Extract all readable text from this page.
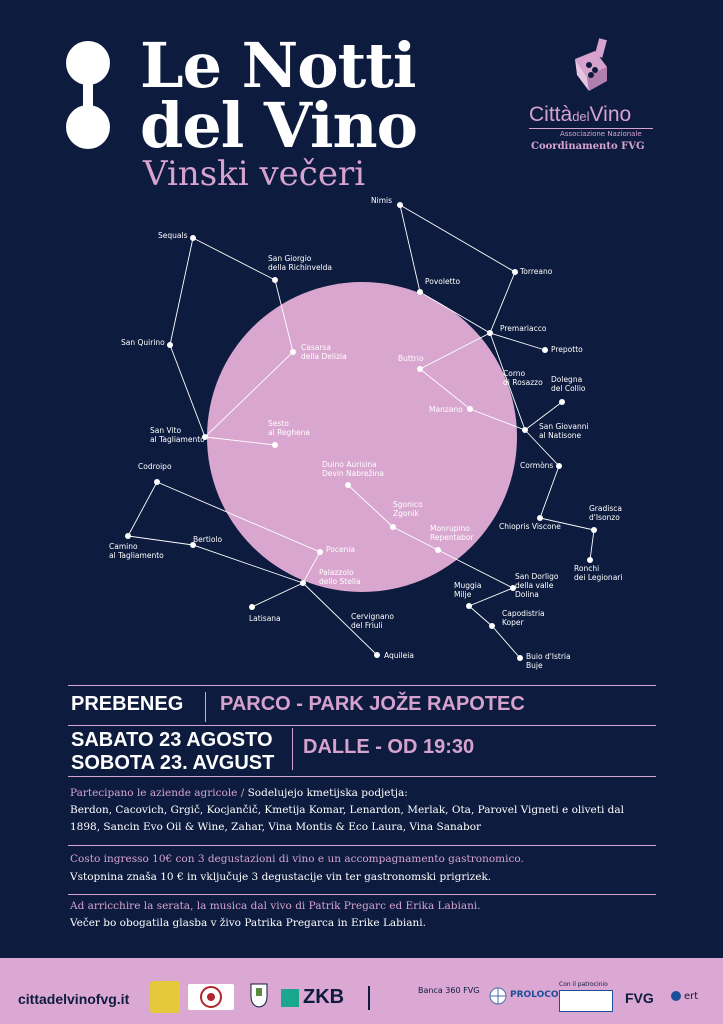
Le Notti
del Vino
Vinski večeri
CittàdelVino
Associazione Nazionale
Coordinamento FVG
Nimis
Torreano
Sequals
San Giorgio
della Richinvelda
Povoletto
Premariacco
Prepotto
San Quirino
Casarsa
della Delizia	Buttrio
Corno
di Rosazzo Dolegna
del Collio
Manzano
San Giovanni
al Natisone
Sesto
al Reghena
San Vito
al Tagliamento
Duino Aurisina
Devin Nabrežina
Codroipo	Cormòns
Sgonico
Zgonik
Gradisca
d'Isonzo
Chiopris Viscone
Monrupino
Repentabor
Bertiolo
Camino
al Tagliamento
Pocenia
Ronchi
dei Legionari
Palazzolo
dello Stella
San Dorligo
della valle
Dolina
Muggia
Milje
Latisana	Cervignano
del Friuli
Capodistria
Koper
Aquileia	Buio d'Istria
Buje
PREBENEG PARCO - PARK JOŽE RAPOTEC
SABATO 23 AGOSTO
SOBOTA 23. AVGUST
DALLE - OD 19:30
Partecipano le aziende agricole / Sodelujejo kmetijska podjetja:
Berdon, Cacovich, Grgič, Kocjančič, Kmetija Komar, Lenardon, Merlak, Ota, Parovel Vigneti e oliveti dal 1898, Sancin Evo Oil & Wine, Zahar, Vina Montis & Eco Laura, Vina Sanabor
Costo ingresso 10€ con 3 degustazioni di vino e un accompagnamento gastronomico.
Vstopnina znaša 10 € in vključuje 3 degustacije vin ter gastronomski prigrizek.
Ad arricchire la serata, la musica dal vivo di Patrik Pregarc ed Erika Labiani.
Večer bo obogatila glasba v živo Patrika Pregarca in Erike Labiani.
cittadelvinofvg.it	ZKB	Banca 360 FVG	PROLOCO
Con il patrocinio
FVG	ert
